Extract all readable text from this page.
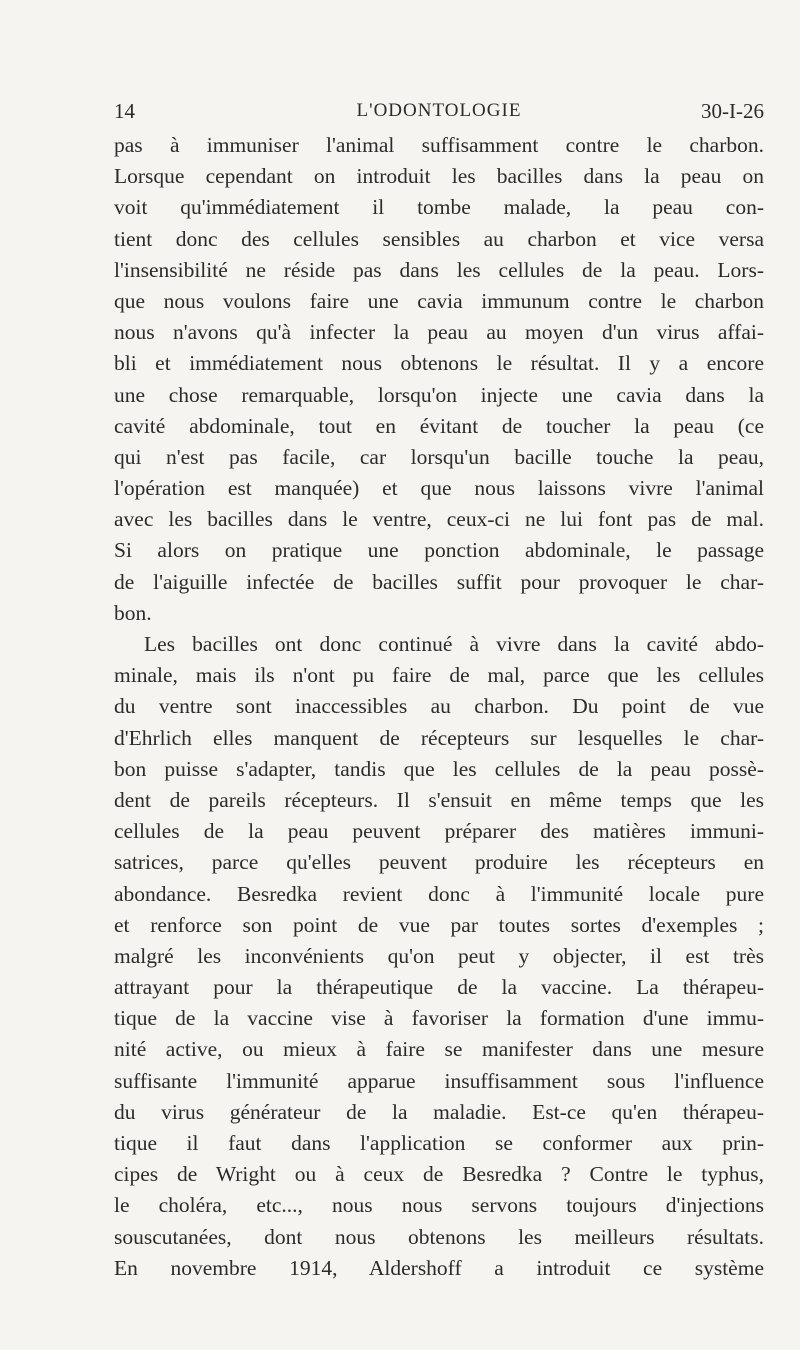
14	L'ODONTOLOGIE	30-I-26
pas à immuniser l'animal suffisamment contre le charbon.
Lorsque cependant on introduit les bacilles dans la peau on
voit qu'immédiatement il tombe malade, la peau con-
tient donc des cellules sensibles au charbon et vice versa
l'insensibilité ne réside pas dans les cellules de la peau. Lors-
que nous voulons faire une cavia immunum contre le charbon
nous n'avons qu'à infecter la peau au moyen d'un virus affai-
bli et immédiatement nous obtenons le résultat. Il y a encore
une chose remarquable, lorsqu'on injecte une cavia dans la
cavité abdominale, tout en évitant de toucher la peau (ce
qui n'est pas facile, car lorsqu'un bacille touche la peau,
l'opération est manquée) et que nous laissons vivre l'animal
avec les bacilles dans le ventre, ceux-ci ne lui font pas de mal.
Si alors on pratique une ponction abdominale, le passage
de l'aiguille infectée de bacilles suffit pour provoquer le char-
bon.
Les bacilles ont donc continué à vivre dans la cavité abdo-
minale, mais ils n'ont pu faire de mal, parce que les cellules
du ventre sont inaccessibles au charbon. Du point de vue
d'Ehrlich elles manquent de récepteurs sur lesquelles le char-
bon puisse s'adapter, tandis que les cellules de la peau possè-
dent de pareils récepteurs. Il s'ensuit en même temps que les
cellules de la peau peuvent préparer des matières immuni-
satrices, parce qu'elles peuvent produire les récepteurs en
abondance. Besredka revient donc à l'immunité locale pure
et renforce son point de vue par toutes sortes d'exemples ;
malgré les inconvénients qu'on peut y objecter, il est très
attrayant pour la thérapeutique de la vaccine. La thérapeu-
tique de la vaccine vise à favoriser la formation d'une immu-
nité active, ou mieux à faire se manifester dans une mesure
suffisante l'immunité apparue insuffisamment sous l'influence
du virus générateur de la maladie. Est-ce qu'en thérapeu-
tique il faut dans l'application se conformer aux prin-
cipes de Wright ou à ceux de Besredka ? Contre le typhus,
le choléra, etc..., nous nous servons toujours d'injections
souscutanées, dont nous obtenons les meilleurs résultats.
En novembre 1914, Aldershoff a introduit ce système
